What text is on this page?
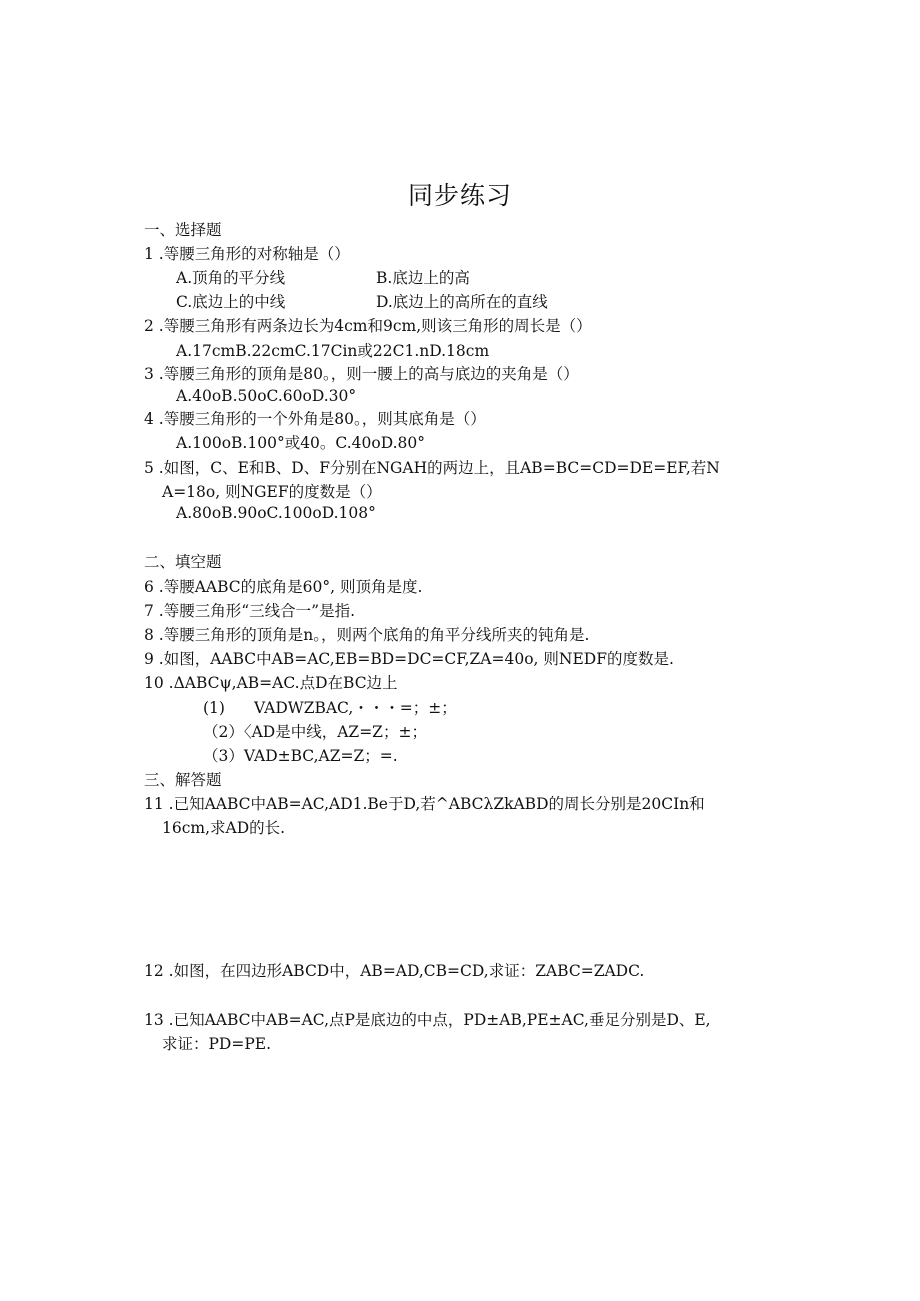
同步练习
一、选择题
1 .等腰三角形的对称轴是（）
A.顶角的平分线	B.底边上的高
C.底边上的中线	D.底边上的高所在的直线
2 .等腰三角形有两条边长为4cm和9cm,则该三角形的周长是（）
A.17cmB.22cmC.17Cin或22C1.nD.18cm
3 .等腰三角形的顶角是80。，则一腰上的高与底边的夹角是（）
A.40oB.50oC.60oD.30°
4 .等腰三角形的一个外角是80。，则其底角是（）
A.100oB.100°或40。C.40oD.80°
5 .如图，C、E和B、D、F分别在NGAH的两边上，且AB=BC=CD=DE=EF,若N
A=18o, 则NGEF的度数是（）
A.80oB.90oC.100oD.108°
二、填空题
6 .等腰AABC的底角是60°, 则顶角是度.
7 .等腰三角形“三线合一”是指.
8 .等腰三角形的顶角是n。，则两个底角的角平分线所夹的钝角是.
9 .如图，AABC中AB=AC,EB=BD=DC=CF,ZA=40o, 则NEDF的度数是.
10 .ΔABCψ,AB=AC.点D在BC边上
(1) VADWZBAC,・・・=；±；
（2）〈AD是中线，AZ=Z；±；
（3）VAD±BC,AZ=Z；=.
三、解答题
11 .已知AABC中AB=AC,AD1.Be于D,若^ABCλZkABD的周长分别是20CIn和
16cm,求AD的长.
12 .如图，在四边形ABCD中，AB=AD,CB=CD,求证：ZABC=ZADC.
13 .已知AABC中AB=AC,点P是底边的中点，PD±AB,PE±AC,垂足分别是D、E,
求证：PD=PE.
